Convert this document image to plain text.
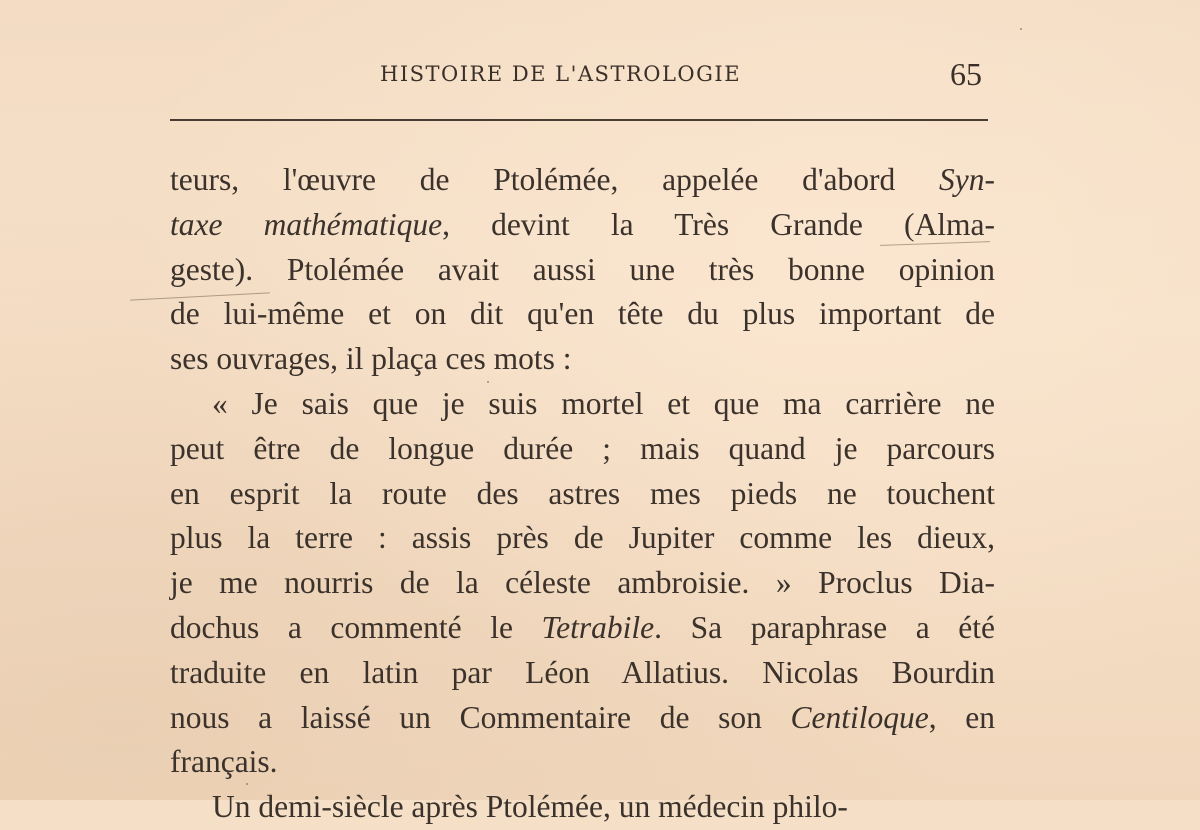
HISTOIRE DE L'ASTROLOGIE	65
teurs, l'œuvre de Ptolémée, appelée d'abord Syn-
taxe mathématique, devint la Très Grande (Alma-
geste). Ptolémée avait aussi une très bonne opinion
de lui-même et on dit qu'en tête du plus important de
ses ouvrages, il plaça ces mots :
« Je sais que je suis mortel et que ma carrière ne
peut être de longue durée ; mais quand je parcours
en esprit la route des astres mes pieds ne touchent
plus la terre : assis près de Jupiter comme les dieux,
je me nourris de la céleste ambroisie. » Proclus Dia-
dochus a commenté le Tetrabile. Sa paraphrase a été
traduite en latin par Léon Allatius. Nicolas Bourdin
nous a laissé un Commentaire de son Centiloque, en
français.
Un demi-siècle après Ptolémée, un médecin philo-
